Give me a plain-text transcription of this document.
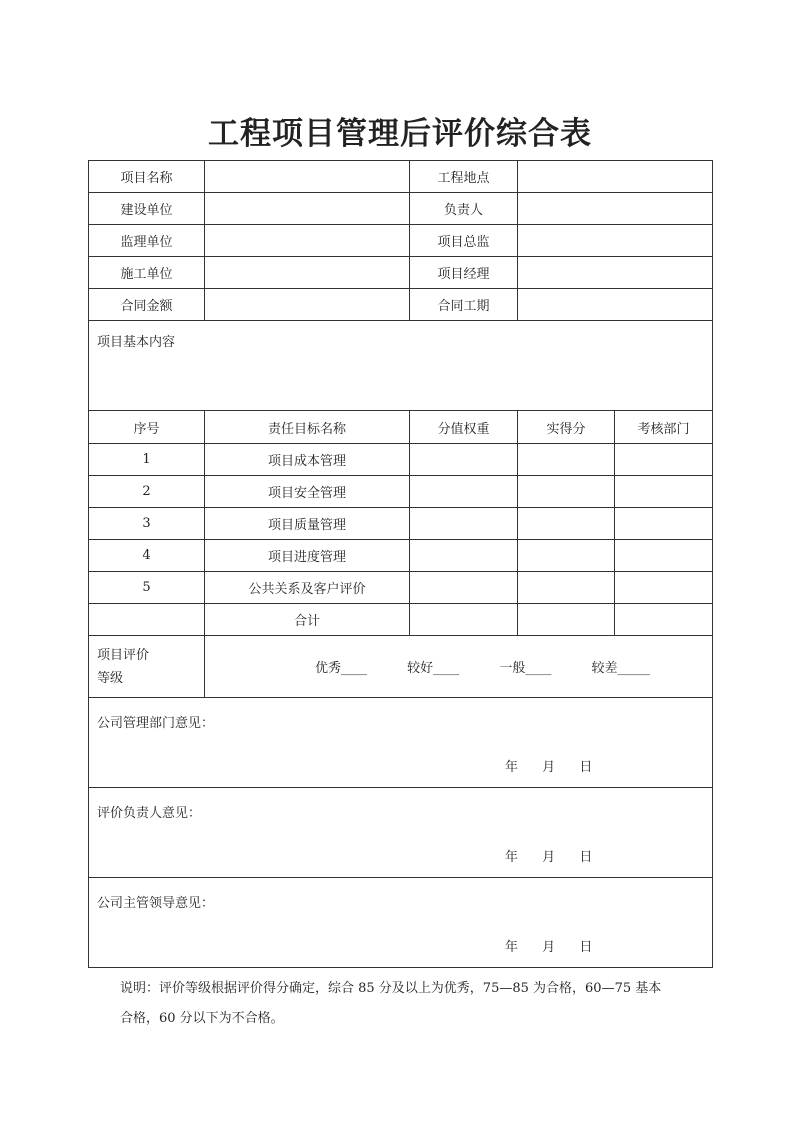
工程项目管理后评价综合表
项目名称		工程地点		
建设单位		负责人		
监理单位		项目总监		
施工单位		项目经理		
合同金额		合同工期		
项目基本内容				
序号	责任目标名称	分值权重	实得分	考核部门
1	项目成本管理			
2	项目安全管理			
3	项目质量管理			
4	项目进度管理			
5	公共关系及客户评价			
	合计			

项目评价
等级	优秀____ 较好____ 一般____ 较差_____			

公司管理部门意见：
年 月 日				

评价负责人意见：
年 月 日				

公司主管领导意见：
年 月 日				
说明：评价等级根据评价得分确定，综合 85 分及以上为优秀，75—85 为合格，60—75 基本
合格，60 分以下为不合格。
